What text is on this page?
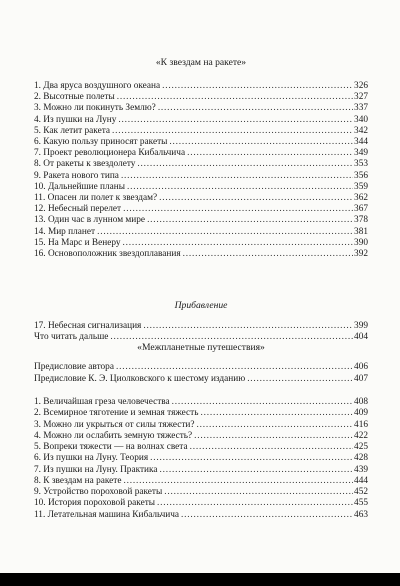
«К звездам на ракете»
Прибавление
«Межпланетные путешествия»
1. Два яруса воздушного океана .....	326
2. Высотные полеты .....	327
3. Можно ли покинуть Землю? .....	337
4. Из пушки на Луну .....	340
5. Как летит ракета .....	342
6. Какую пользу приносят ракеты .....	344
7. Проект революционера Кибальчича .....	349
8. От ракеты к звездолету .....	353
9. Ракета нового типа .....	356
10. Дальнейшие планы .....	359
11. Опасен ли полет к звездам? .....	362
12. Небесный перелет .....	367
13. Один час в лунном мире .....	378
14. Мир планет .....	381
15. На Марс и Венеру .....	390
16. Основоположник звездоплавания .....	392
17. Небесная сигнализация .....	399
Что читать дальше .....	404
Предисловие автора .....	406
Предисловие К. Э. Циолковского к шестому изданию .....	407
1. Величайшая греза человечества .....	408
2. Всемирное тяготение и земная тяжесть .....	409
3. Можно ли укрыться от силы тяжести? .....	416
4. Можно ли ослабить земную тяжесть? .....	422
5. Вопреки тяжести — на волнах света .....	425
6. Из пушки на Луну. Теория .....	428
7. Из пушки на Луну. Практика .....	439
8. К звездам на ракете .....	444
9. Устройство пороховой ракеты .....	452
10. История пороховой ракеты .....	455
11. Летательная машина Кибальчича .....	463
